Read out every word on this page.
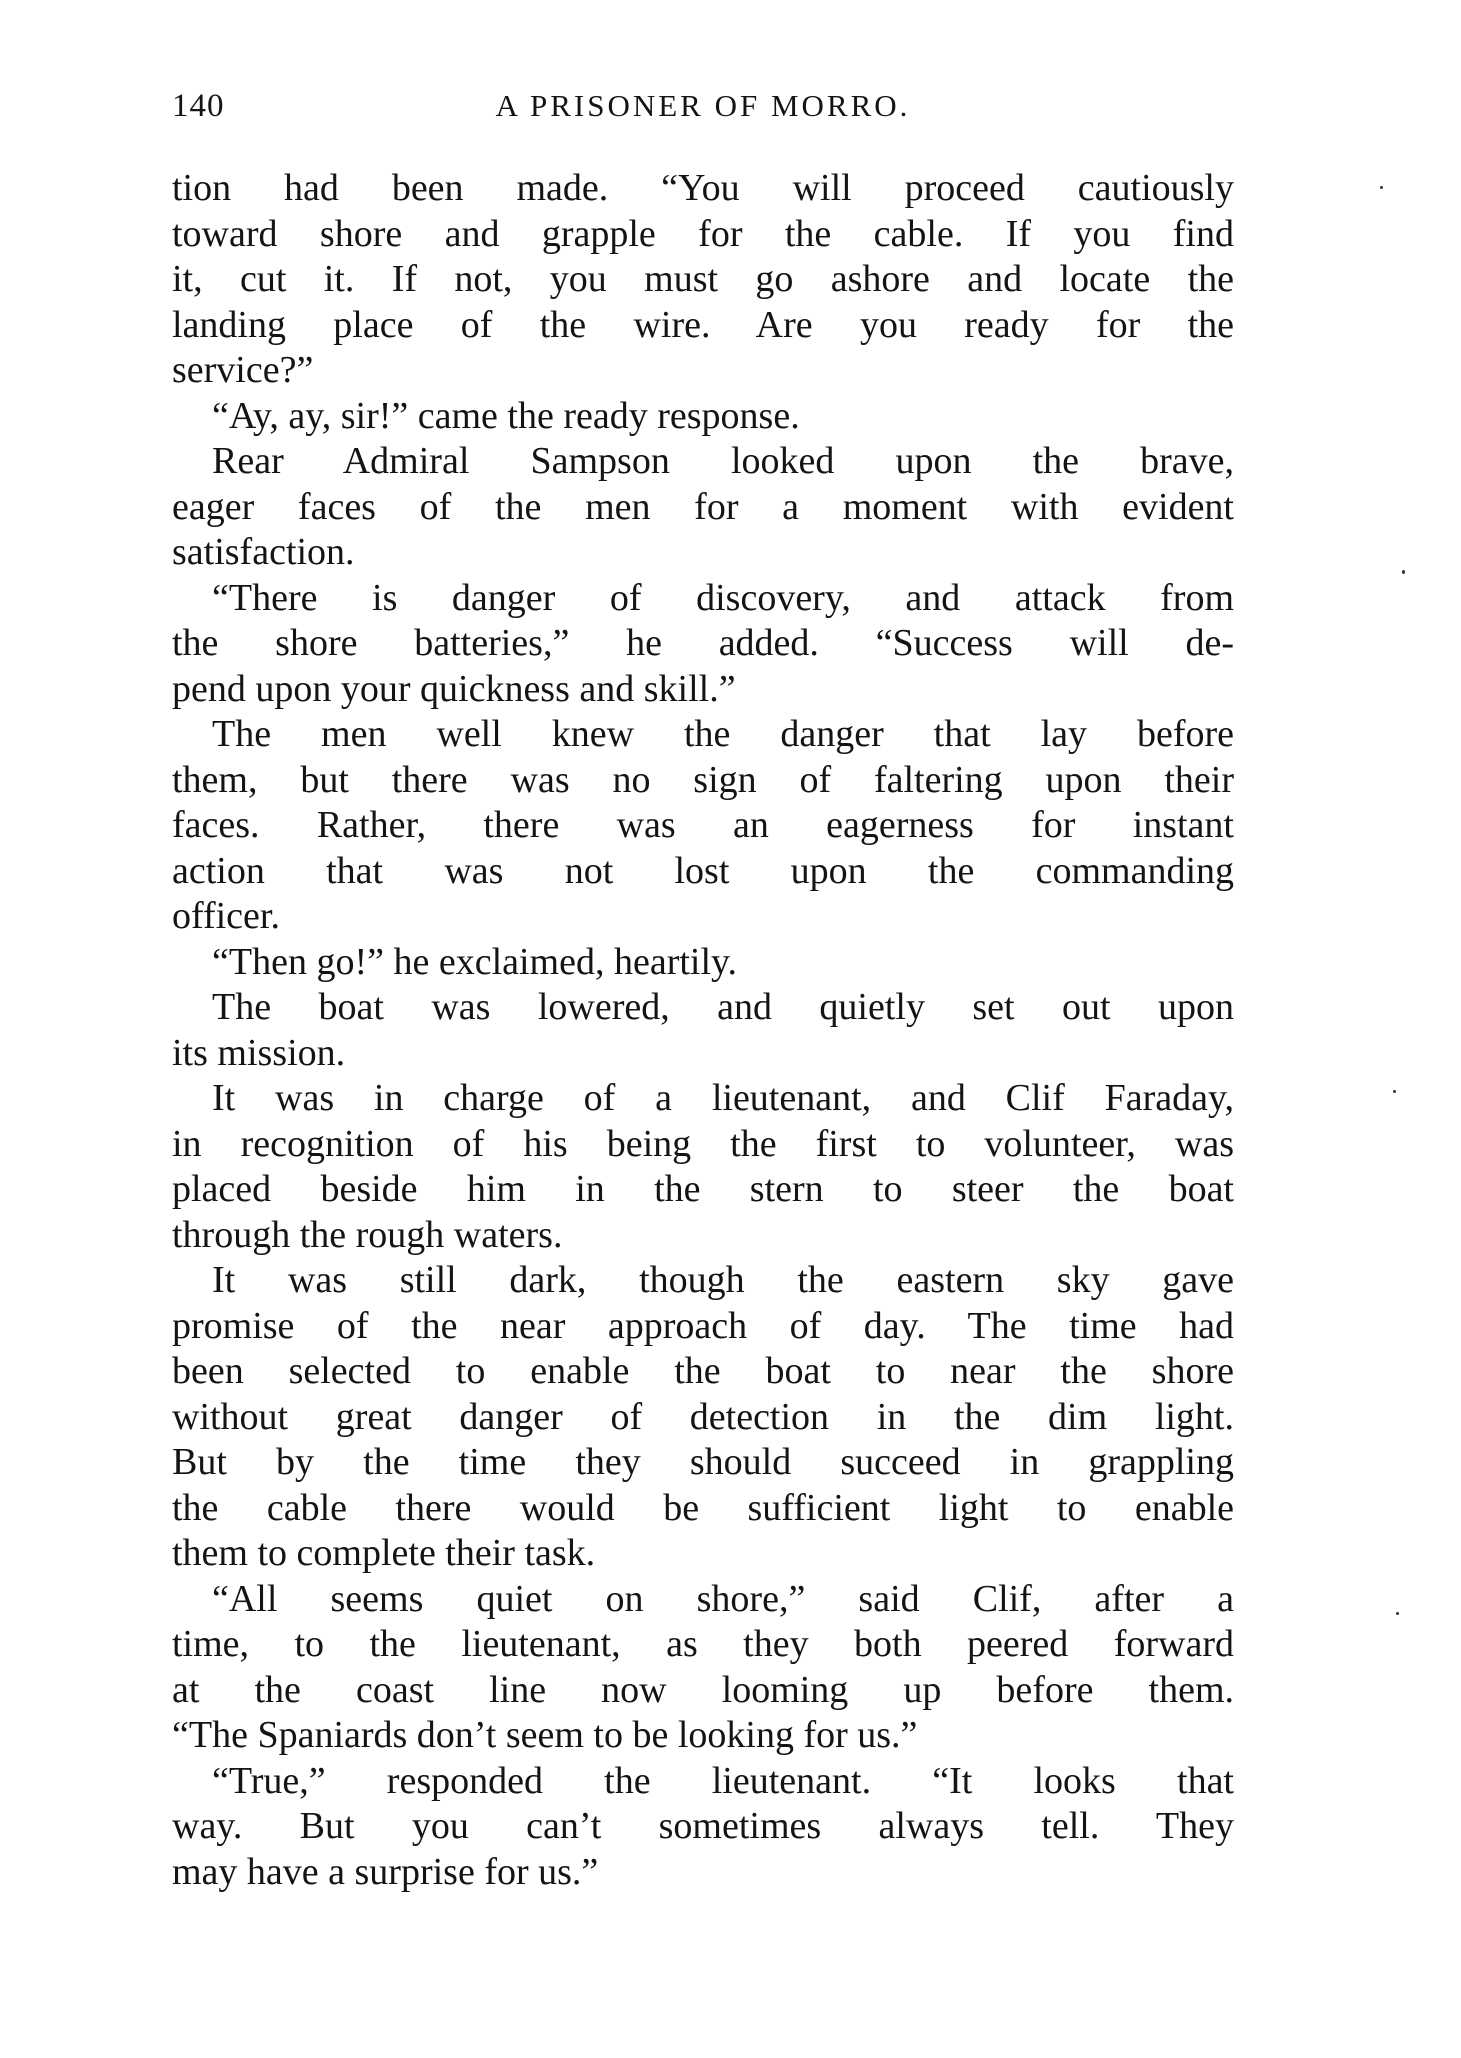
140	A PRISONER OF MORRO.
tion had been made. “You will proceed cautiously
toward shore and grapple for the cable. If you find
it, cut it. If not, you must go ashore and locate the
landing place of the wire. Are you ready for the
service?”
“Ay, ay, sir!” came the ready response.
Rear Admiral Sampson looked upon the brave,
eager faces of the men for a moment with evident
satisfaction.
“There is danger of discovery, and attack from
the shore batteries,” he added. “Success will de-
pend upon your quickness and skill.”
The men well knew the danger that lay before
them, but there was no sign of faltering upon their
faces. Rather, there was an eagerness for instant
action that was not lost upon the commanding
officer.
“Then go!” he exclaimed, heartily.
The boat was lowered, and quietly set out upon
its mission.
It was in charge of a lieutenant, and Clif Faraday,
in recognition of his being the first to volunteer, was
placed beside him in the stern to steer the boat
through the rough waters.
It was still dark, though the eastern sky gave
promise of the near approach of day. The time had
been selected to enable the boat to near the shore
without great danger of detection in the dim light.
But by the time they should succeed in grappling
the cable there would be sufficient light to enable
them to complete their task.
“All seems quiet on shore,” said Clif, after a
time, to the lieutenant, as they both peered forward
at the coast line now looming up before them.
“The Spaniards don’t seem to be looking for us.”
“True,” responded the lieutenant. “It looks that
way. But you can’t sometimes always tell. They
may have a surprise for us.”
